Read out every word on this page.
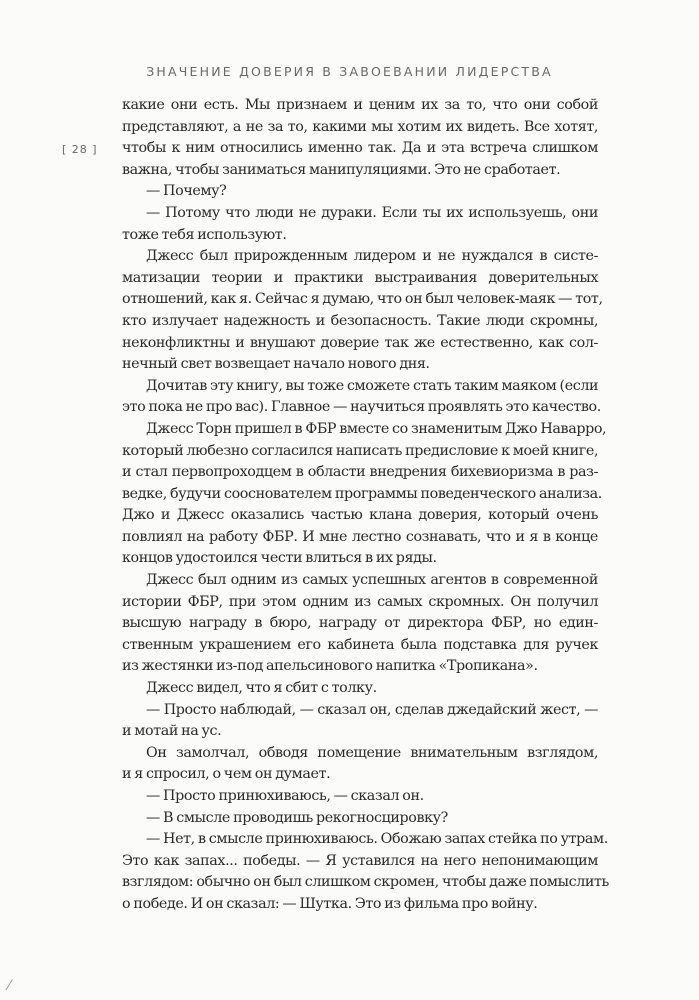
ЗНАЧЕНИЕ ДОВЕРИЯ В ЗАВОЕВАНИИ ЛИДЕРСТВА
[ 28 ]
какие они есть. Мы признаем и ценим их за то, что они собой
представляют, а не за то, какими мы хотим их видеть. Все хотят,
чтобы к ним относились именно так. Да и эта встреча слишком
важна, чтобы заниматься манипуляциями. Это не сработает.
— Почему?
— Потому что люди не дураки. Если ты их используешь, они
тоже тебя используют.
Джесс был прирожденным лидером и не нуждался в систе-
матизации теории и практики выстраивания доверительных
отношений, как я. Сейчас я думаю, что он был человек-маяк — тот,
кто излучает надежность и безопасность. Такие люди скромны,
неконфликтны и внушают доверие так же естественно, как сол-
нечный свет возвещает начало нового дня.
Дочитав эту книгу, вы тоже сможете стать таким маяком (если
это пока не про вас). Главное — научиться проявлять это качество.
Джесс Торн пришел в ФБР вместе со знаменитым Джо Наварро,
который любезно согласился написать предисловие к моей книге,
и стал первопроходцем в области внедрения бихевиоризма в раз-
ведке, будучи сооснователем программы поведенческого анализа.
Джо и Джесс оказались частью клана доверия, который очень
повлиял на работу ФБР. И мне лестно сознавать, что и я в конце
концов удостоился чести влиться в их ряды.
Джесс был одним из самых успешных агентов в современной
истории ФБР, при этом одним из самых скромных. Он получил
высшую награду в бюро, награду от директора ФБР, но един-
ственным украшением его кабинета была подставка для ручек
из жестянки из-под апельсинового напитка «Тропикана».
Джесс видел, что я сбит с толку.
— Просто наблюдай, — сказал он, сделав джедайский жест, —
и мотай на ус.
Он замолчал, обводя помещение внимательным взглядом,
и я спросил, о чем он думает.
— Просто принюхиваюсь, — сказал он.
— В смысле проводишь рекогносцировку?
— Нет, в смысле принюхиваюсь. Обожаю запах стейка по утрам.
Это как запах... победы. — Я уставился на него непонимающим
взглядом: обычно он был слишком скромен, чтобы даже помыслить
о победе. И он сказал: — Шутка. Это из фильма про войну.
⁄
